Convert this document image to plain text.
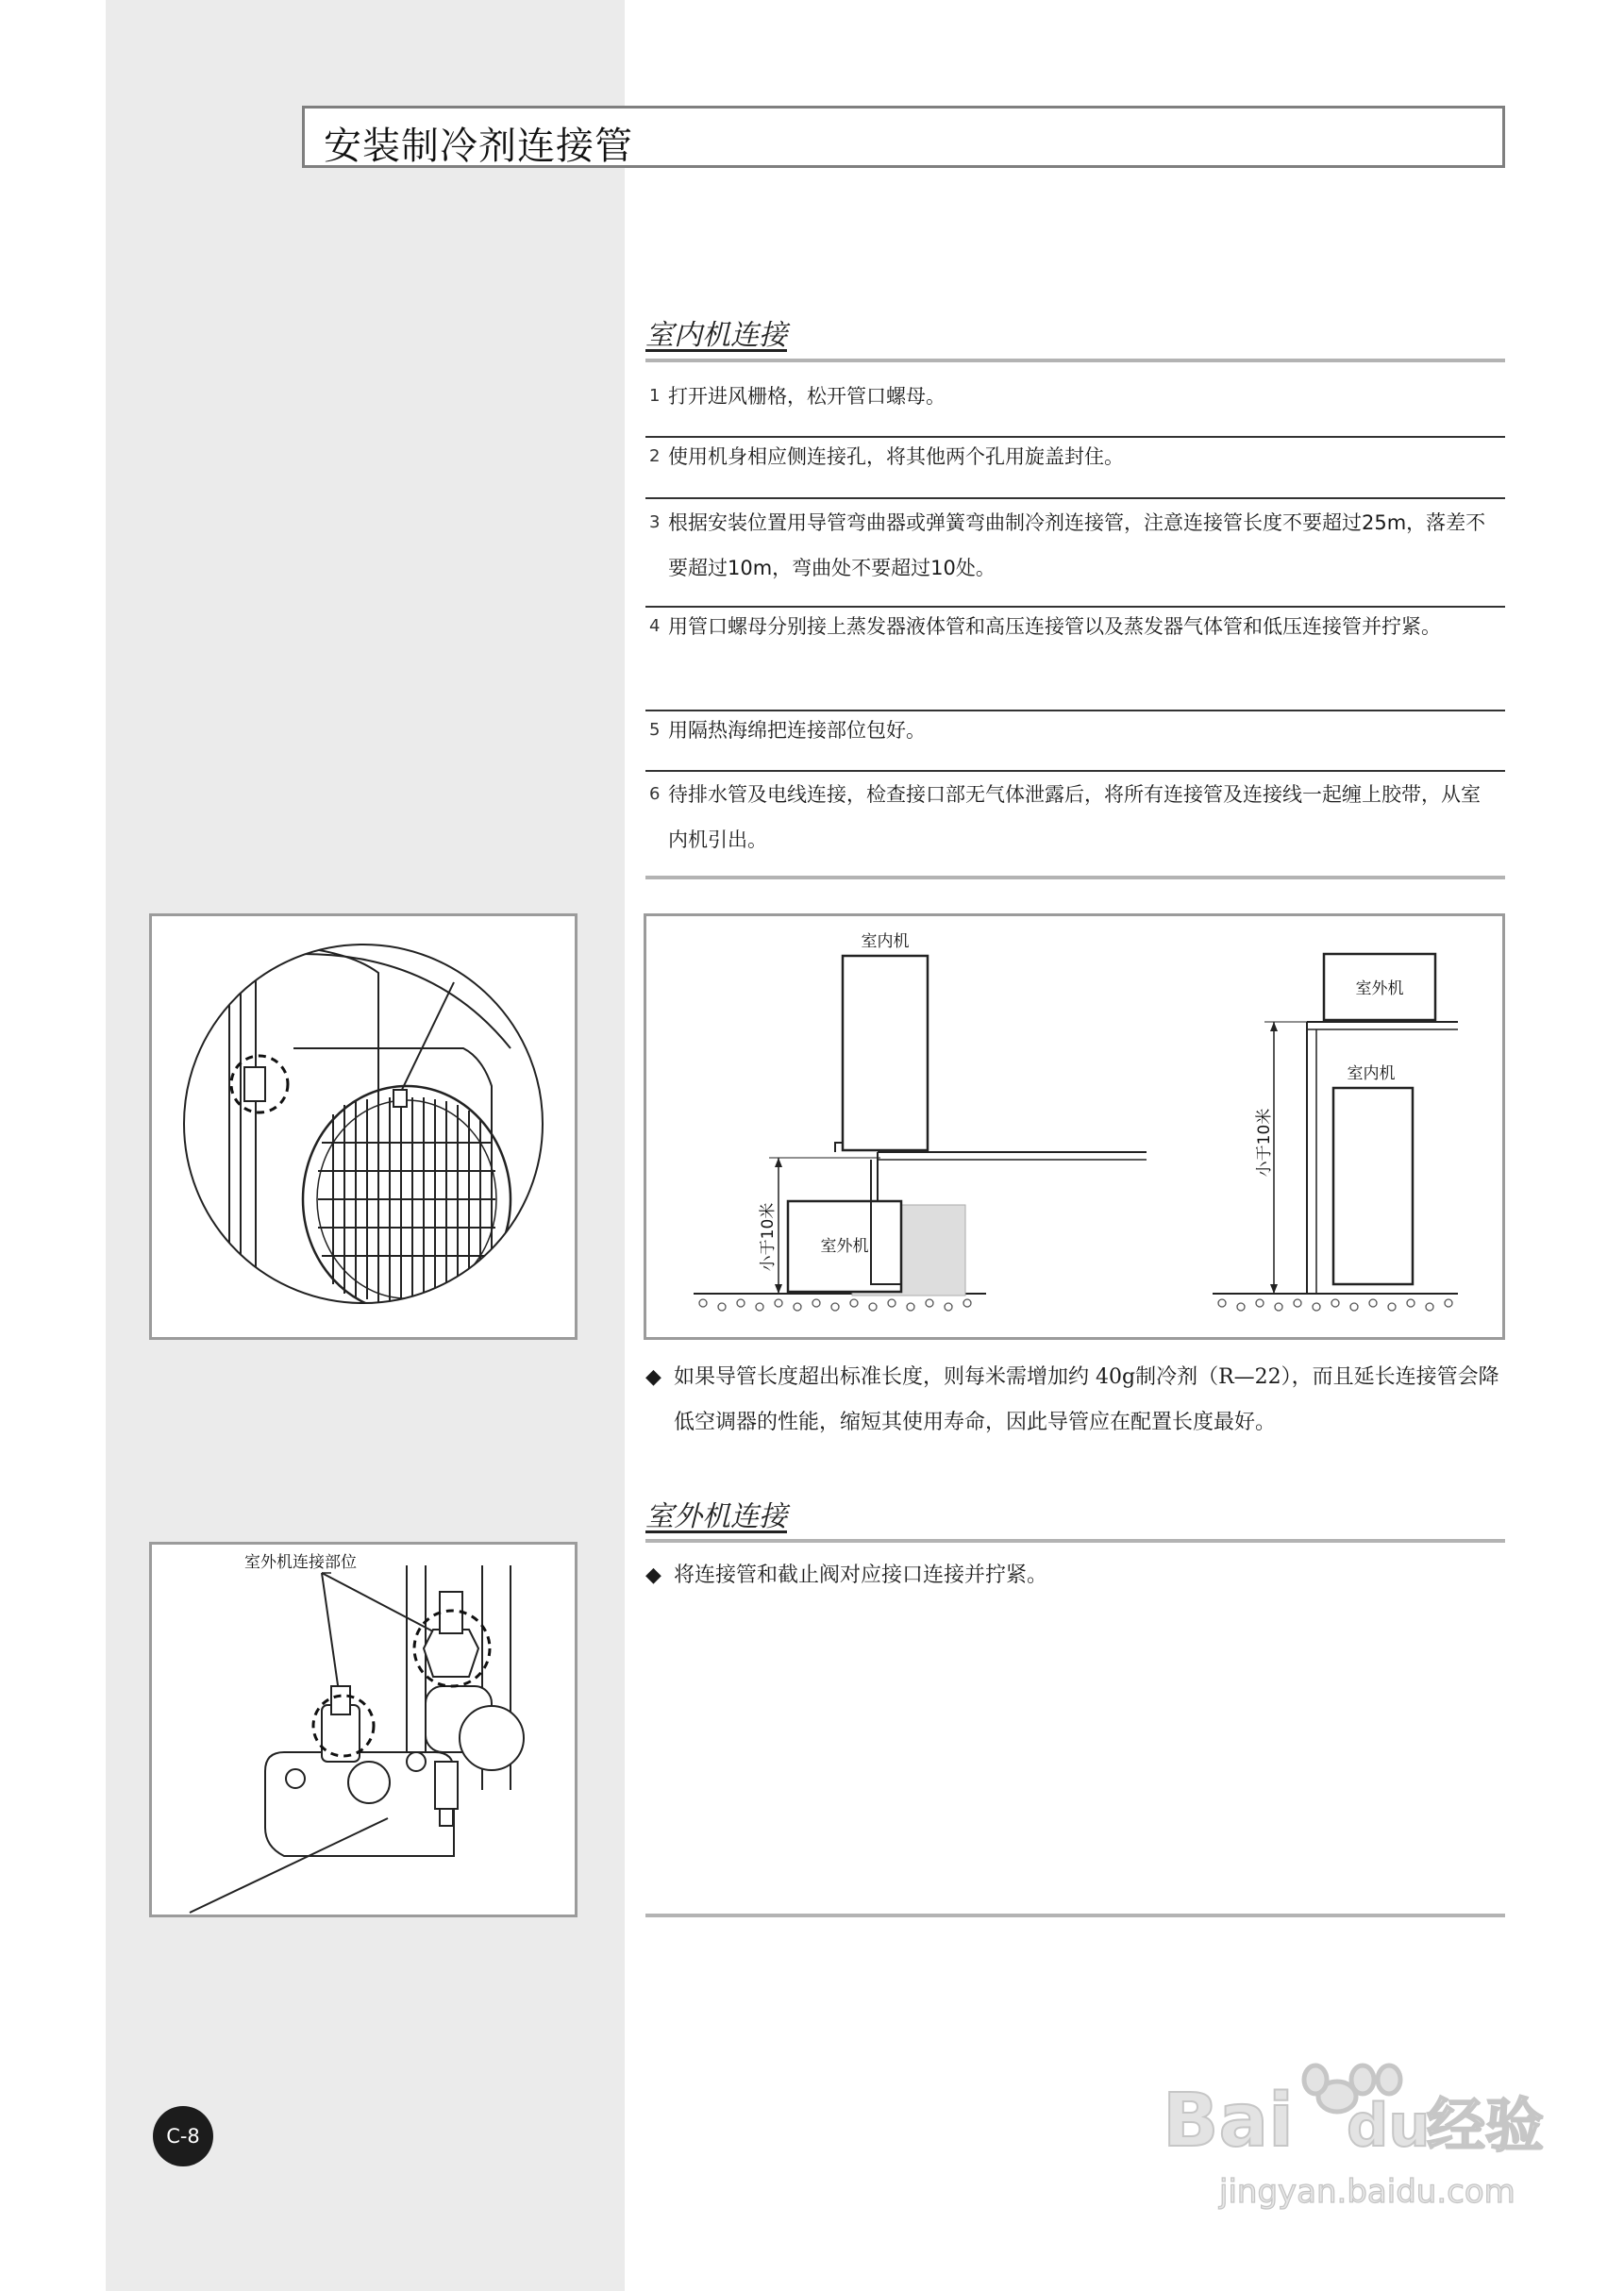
安装制冷剂连接管
室内机连接
1 打开进风栅格，松开管口螺母。
2 使用机身相应侧连接孔，将其他两个孔用旋盖封住。
3 根据安装位置用导管弯曲器或弹簧弯曲制冷剂连接管，注意连接管长度不要超过25m，落差不要超过10m，弯曲处不要超过10处。
4 用管口螺母分别接上蒸发器液体管和高压连接管以及蒸发器气体管和低压连接管并拧紧。
5 用隔热海绵把连接部位包好。
6 待排水管及电线连接，检查接口部无气体泄露后，将所有连接管及连接线一起缠上胶带，从室内机引出。
室内机
室外机
小于10米
室外机
室内机
小于10米
◆ 如果导管长度超出标准长度，则每米需增加约 40g制冷剂（R—22），而且延长连接管会降低空调器的性能，缩短其使用寿命，因此导管应在配置长度最好。
室外机连接
◆ 将连接管和截止阀对应接口连接并拧紧。
室外机连接部位
C-8	Bai du
经验
jingyan.baidu.com
